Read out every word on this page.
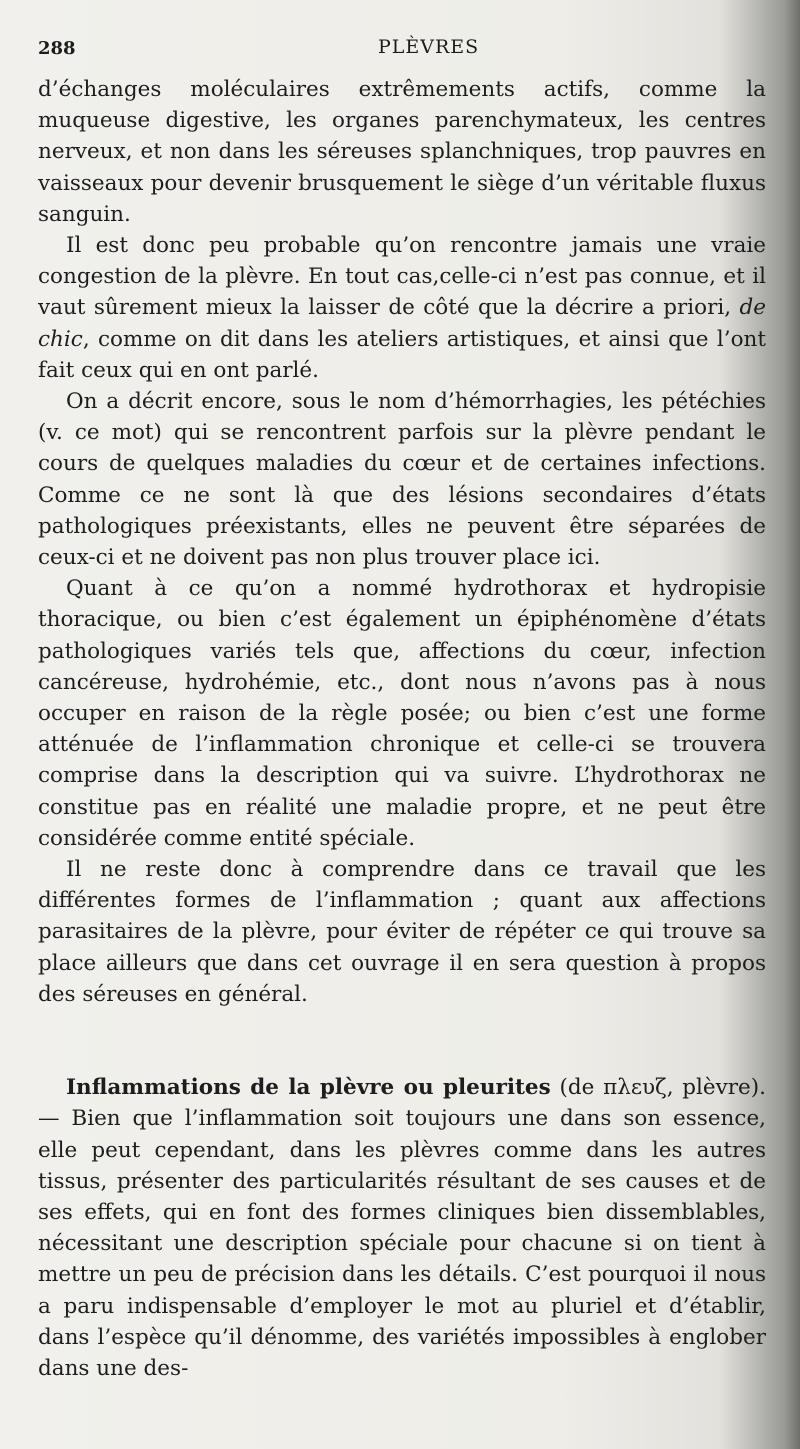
288	PLÈVRES

d’échanges moléculaires extrêmements actifs, comme la muqueuse digestive, les organes parenchymateux, les centres nerveux, et non dans les séreuses splanchniques, trop pauvres en vaisseaux pour devenir brusquement le siège d’un véritable fluxus sanguin.

Il est donc peu probable qu’on rencontre jamais une vraie congestion de la plèvre. En tout cas,celle-ci n’est pas connue, et il vaut sûrement mieux la laisser de côté que la décrire a priori, de chic, comme on dit dans les ateliers artistiques, et ainsi que l’ont fait ceux qui en ont parlé.

On a décrit encore, sous le nom d’hémorrhagies, les pétéchies (v. ce mot) qui se rencontrent parfois sur la plèvre pendant le cours de quelques maladies du cœur et de certaines infections. Comme ce ne sont là que des lésions secondaires d’états pathologiques préexistants, elles ne peuvent être séparées de ceux-ci et ne doivent pas non plus trouver place ici.

Quant à ce qu’on a nommé hydrothorax et hydropisie thoracique, ou bien c’est également un épiphénomène d’états pathologiques variés tels que, affections du cœur, infection cancéreuse, hydrohémie, etc., dont nous n’avons pas à nous occuper en raison de la règle posée; ou bien c’est une forme atténuée de l’inflammation chronique et celle-ci se trouvera comprise dans la description qui va suivre. L’hydrothorax ne constitue pas en réalité une maladie propre, et ne peut être considérée comme entité spéciale.

Il ne reste donc à comprendre dans ce travail que les différentes formes de l’inflammation ; quant aux affections parasitaires de la plèvre, pour éviter de répéter ce qui trouve sa place ailleurs que dans cet ouvrage il en sera question à propos des séreuses en général.

Inflammations de la plèvre ou pleurites (de πλευζ, plèvre). — Bien que l’inflammation soit toujours une dans son essence, elle peut cependant, dans les plèvres comme dans les autres tissus, présenter des particularités résultant de ses causes et de ses effets, qui en font des formes cliniques bien dissemblables, nécessitant une description spéciale pour chacune si on tient à mettre un peu de précision dans les détails. C’est pourquoi il nous a paru indispensable d’employer le mot au pluriel et d’établir, dans l’espèce qu’il dénomme, des variétés impossibles à englober dans une des-
